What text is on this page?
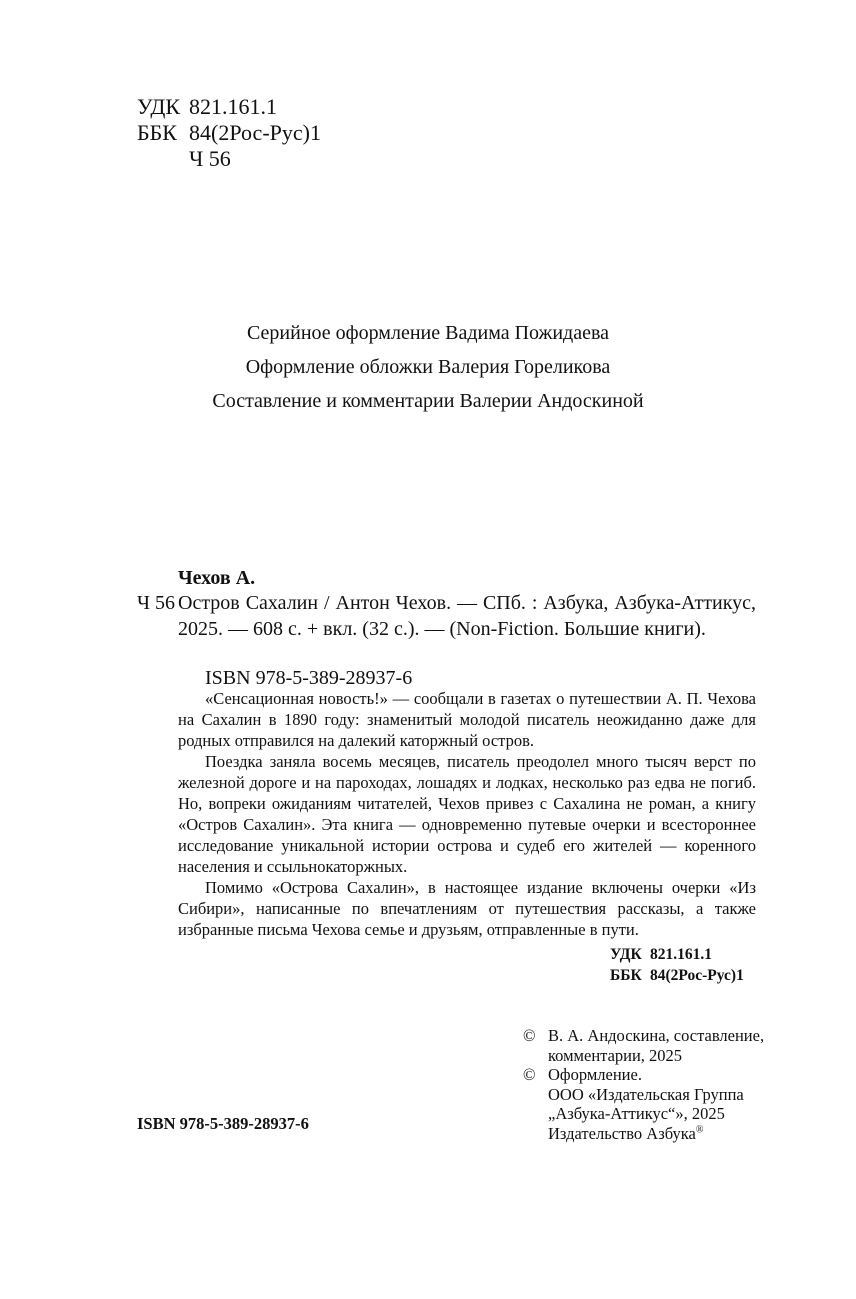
УДК 821.161.1
ББК 84(2Рос-Рус)1
Ч 56
Серийное оформление Вадима Пожидаева
Оформление обложки Валерия Гореликова
Составление и комментарии Валерии Андоскиной
Чехов А.
Ч 56 Остров Сахалин / Антон Чехов. — СПб. : Азбука, Азбука-Аттикус, 2025. — 608 с. + вкл. (32 с.). — (Non-Fiction. Большие книги).
ISBN 978-5-389-28937-6

«Сенсационная новость!» — сообщали в газетах о путешествии А. П. Чехова на Сахалин в 1890 году: знаменитый молодой писатель неожиданно даже для родных отправился на далекий каторжный остров.

Поездка заняла восемь месяцев, писатель преодолел много тысяч верст по железной дороге и на пароходах, лошадях и лодках, несколько раз едва не погиб. Но, вопреки ожиданиям читателей, Чехов привез с Сахалина не роман, а книгу «Остров Сахалин». Эта книга — одновременно путевые очерки и всестороннее исследование уникальной истории острова и судеб его жителей — коренного населения и ссыльнокаторжных.

Помимо «Острова Сахалин», в настоящее издание включены очерки «Из Сибири», написанные по впечатлениям от путешествия рассказы, а также избранные письма Чехова семье и друзьям, отправленные в пути.

УДК 821.161.1
ББК 84(2Рос-Рус)1
© В. А. Андоскина, составление,
комментарии, 2025
© Оформление.
ООО «Издательская Группа
„Азбука-Аттикус“», 2025
Издательство Азбука®
ISBN 978-5-389-28937-6
